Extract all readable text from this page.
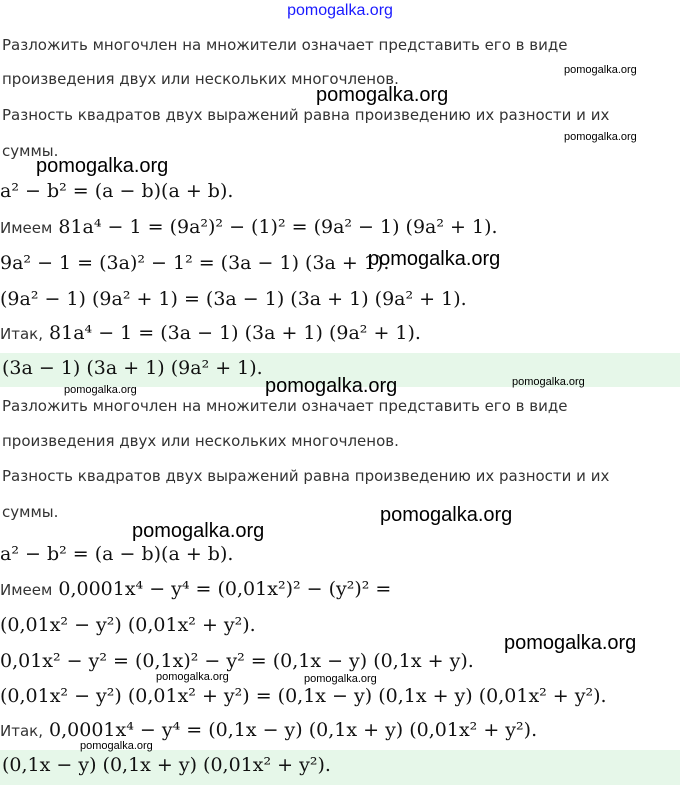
pomogalka.org
Разложить многочлен на множители означает представить его в виде
произведения двух или нескольких многочленов.
Разность квадратов двух выражений равна произведению их разности и их
суммы.
a² − b² = (a − b)(a + b).
Имеем 81a⁴ − 1 = (9a²)² − (1)² = (9a² − 1) (9a² + 1).
9a² − 1 = (3a)² − 1² = (3a − 1) (3a + 1).
(9a² − 1) (9a² + 1) = (3a − 1) (3a + 1) (9a² + 1).
Итак, 81a⁴ − 1 = (3a − 1) (3a + 1) (9a² + 1).
(3a − 1) (3a + 1) (9a² + 1).
Разложить многочлен на множители означает представить его в виде
произведения двух или нескольких многочленов.
Разность квадратов двух выражений равна произведению их разности и их
суммы.
a² − b² = (a − b)(a + b).
Имеем 0,0001x⁴ − y⁴ = (0,01x²)² − (y²)² =
(0,01x² − y²) (0,01x² + y²).
0,01x² − y² = (0,1x)² − y² = (0,1x − y) (0,1x + y).
(0,01x² − y²) (0,01x² + y²) = (0,1x − y) (0,1x + y) (0,01x² + y²).
Итак, 0,0001x⁴ − y⁴ = (0,1x − y) (0,1x + y) (0,01x² + y²).
(0,1x − y) (0,1x + y) (0,01x² + y²).
pomogalka.org
pomogalka.org
pomogalka.org
pomogalka.org
pomogalka.org
pomogalka.org
pomogalka.org
pomogalka.org
pomogalka.org
pomogalka.org
pomogalka.org
pomogalka.org	pomogalka.org
pomogalka.org
